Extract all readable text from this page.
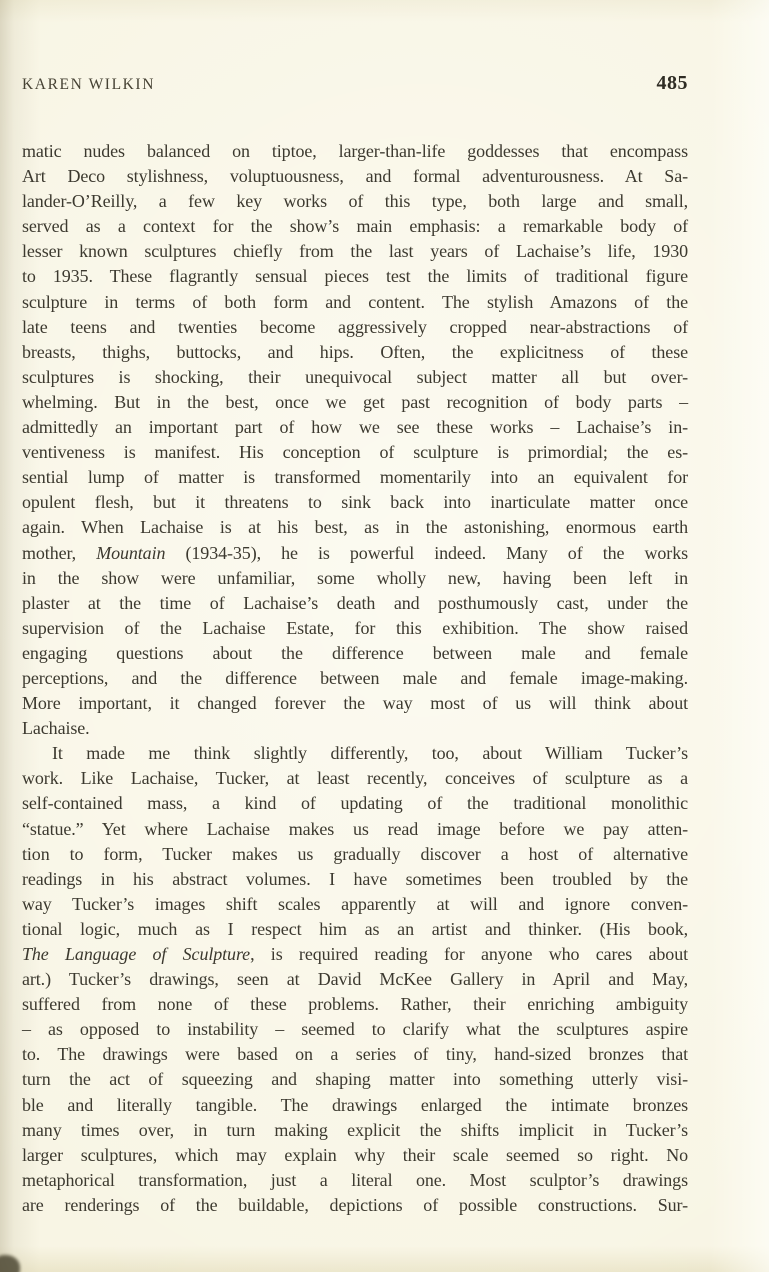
KAREN WILKIN	485
matic nudes balanced on tiptoe, larger-than-life goddesses that encompass
Art Deco stylishness, voluptuousness, and formal adventurousness. At Sa-
lander-O’Reilly, a few key works of this type, both large and small,
served as a context for the show’s main emphasis: a remarkable body of
lesser known sculptures chiefly from the last years of Lachaise’s life, 1930
to 1935. These flagrantly sensual pieces test the limits of traditional figure
sculpture in terms of both form and content. The stylish Amazons of the
late teens and twenties become aggressively cropped near-abstractions of
breasts, thighs, buttocks, and hips. Often, the explicitness of these
sculptures is shocking, their unequivocal subject matter all but over-
whelming. But in the best, once we get past recognition of body parts –
admittedly an important part of how we see these works – Lachaise’s in-
ventiveness is manifest. His conception of sculpture is primordial; the es-
sential lump of matter is transformed momentarily into an equivalent for
opulent flesh, but it threatens to sink back into inarticulate matter once
again. When Lachaise is at his best, as in the astonishing, enormous earth
mother, Mountain (1934-35), he is powerful indeed. Many of the works
in the show were unfamiliar, some wholly new, having been left in
plaster at the time of Lachaise’s death and posthumously cast, under the
supervision of the Lachaise Estate, for this exhibition. The show raised
engaging questions about the difference between male and female
perceptions, and the difference between male and female image-making.
More important, it changed forever the way most of us will think about
Lachaise.
It made me think slightly differently, too, about William Tucker’s
work. Like Lachaise, Tucker, at least recently, conceives of sculpture as a
self-contained mass, a kind of updating of the traditional monolithic
“statue.” Yet where Lachaise makes us read image before we pay atten-
tion to form, Tucker makes us gradually discover a host of alternative
readings in his abstract volumes. I have sometimes been troubled by the
way Tucker’s images shift scales apparently at will and ignore conven-
tional logic, much as I respect him as an artist and thinker. (His book,
The Language of Sculpture, is required reading for anyone who cares about
art.) Tucker’s drawings, seen at David McKee Gallery in April and May,
suffered from none of these problems. Rather, their enriching ambiguity
– as opposed to instability – seemed to clarify what the sculptures aspire
to. The drawings were based on a series of tiny, hand-sized bronzes that
turn the act of squeezing and shaping matter into something utterly visi-
ble and literally tangible. The drawings enlarged the intimate bronzes
many times over, in turn making explicit the shifts implicit in Tucker’s
larger sculptures, which may explain why their scale seemed so right. No
metaphorical transformation, just a literal one. Most sculptor’s drawings
are renderings of the buildable, depictions of possible constructions. Sur-
